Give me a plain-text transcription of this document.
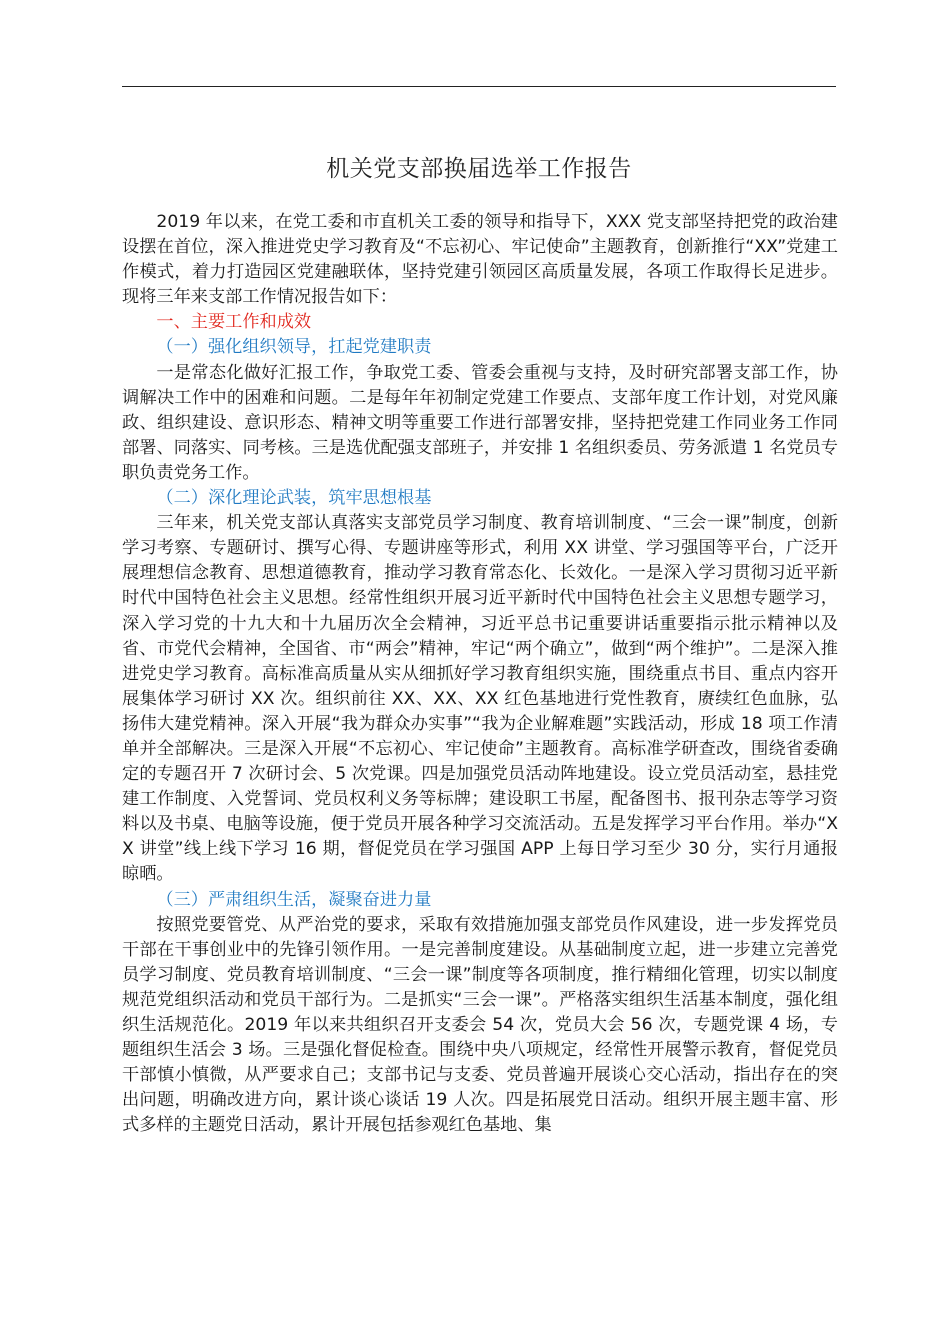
机关党支部换届选举工作报告

2019 年以来，在党工委和市直机关工委的领导和指导下，XXX 党支部坚持把党的政治建设摆在首位，深入推进党史学习教育及“不忘初心、牢记使命”主题教育，创新推行“XX”党建工作模式，着力打造园区党建融联体，坚持党建引领园区高质量发展，各项工作取得长足进步。现将三年来支部工作情况报告如下：

一、主要工作和成效
（一）强化组织领导，扛起党建职责

一是常态化做好汇报工作，争取党工委、管委会重视与支持，及时研究部署支部工作，协调解决工作中的困难和问题。二是每年年初制定党建工作要点、支部年度工作计划，对党风廉政、组织建设、意识形态、精神文明等重要工作进行部署安排，坚持把党建工作同业务工作同部署、同落实、同考核。三是选优配强支部班子，并安排 1 名组织委员、劳务派遣 1 名党员专职负责党务工作。

（二）深化理论武装，筑牢思想根基

三年来，机关党支部认真落实支部党员学习制度、教育培训制度、“三会一课”制度，创新学习考察、专题研讨、撰写心得、专题讲座等形式，利用 XX 讲堂、学习强国等平台，广泛开展理想信念教育、思想道德教育，推动学习教育常态化、长效化。一是深入学习贯彻习近平新时代中国特色社会主义思想。经常性组织开展习近平新时代中国特色社会主义思想专题学习，深入学习党的十九大和十九届历次全会精神，习近平总书记重要讲话重要指示批示精神以及省、市党代会精神，全国省、市“两会”精神，牢记“两个确立”，做到“两个维护”。二是深入推进党史学习教育。高标准高质量从实从细抓好学习教育组织实施，围绕重点书目、重点内容开展集体学习研讨 XX 次。组织前往 XX、XX、XX 红色基地进行党性教育，赓续红色血脉，弘扬伟大建党精神。深入开展“我为群众办实事”“我为企业解难题”实践活动，形成 18 项工作清单并全部解决。三是深入开展“不忘初心、牢记使命”主题教育。高标准学研查改，围绕省委确定的专题召开 7 次研讨会、5 次党课。四是加强党员活动阵地建设。设立党员活动室，悬挂党建工作制度、入党誓词、党员权利义务等标牌；建设职工书屋，配备图书、报刊杂志等学习资料以及书桌、电脑等设施，便于党员开展各种学习交流活动。五是发挥学习平台作用。举办“XX 讲堂”线上线下学习 16 期，督促党员在学习强国 APP 上每日学习至少 30 分，实行月通报晾晒。

（三）严肃组织生活，凝聚奋进力量

按照党要管党、从严治党的要求，采取有效措施加强支部党员作风建设，进一步发挥党员干部在干事创业中的先锋引领作用。一是完善制度建设。从基础制度立起，进一步建立完善党员学习制度、党员教育培训制度、“三会一课”制度等各项制度，推行精细化管理，切实以制度规范党组织活动和党员干部行为。二是抓实“三会一课”。严格落实组织生活基本制度，强化组织生活规范化。2019 年以来共组织召开支委会 54 次，党员大会 56 次，专题党课 4 场，专题组织生活会 3 场。三是强化督促检查。围绕中央八项规定，经常性开展警示教育，督促党员干部慎小慎微，从严要求自己；支部书记与支委、党员普遍开展谈心交心活动，指出存在的突出问题，明确改进方向，累计谈心谈话 19 人次。四是拓展党日活动。组织开展主题丰富、形式多样的主题党日活动，累计开展包括参观红色基地、集
